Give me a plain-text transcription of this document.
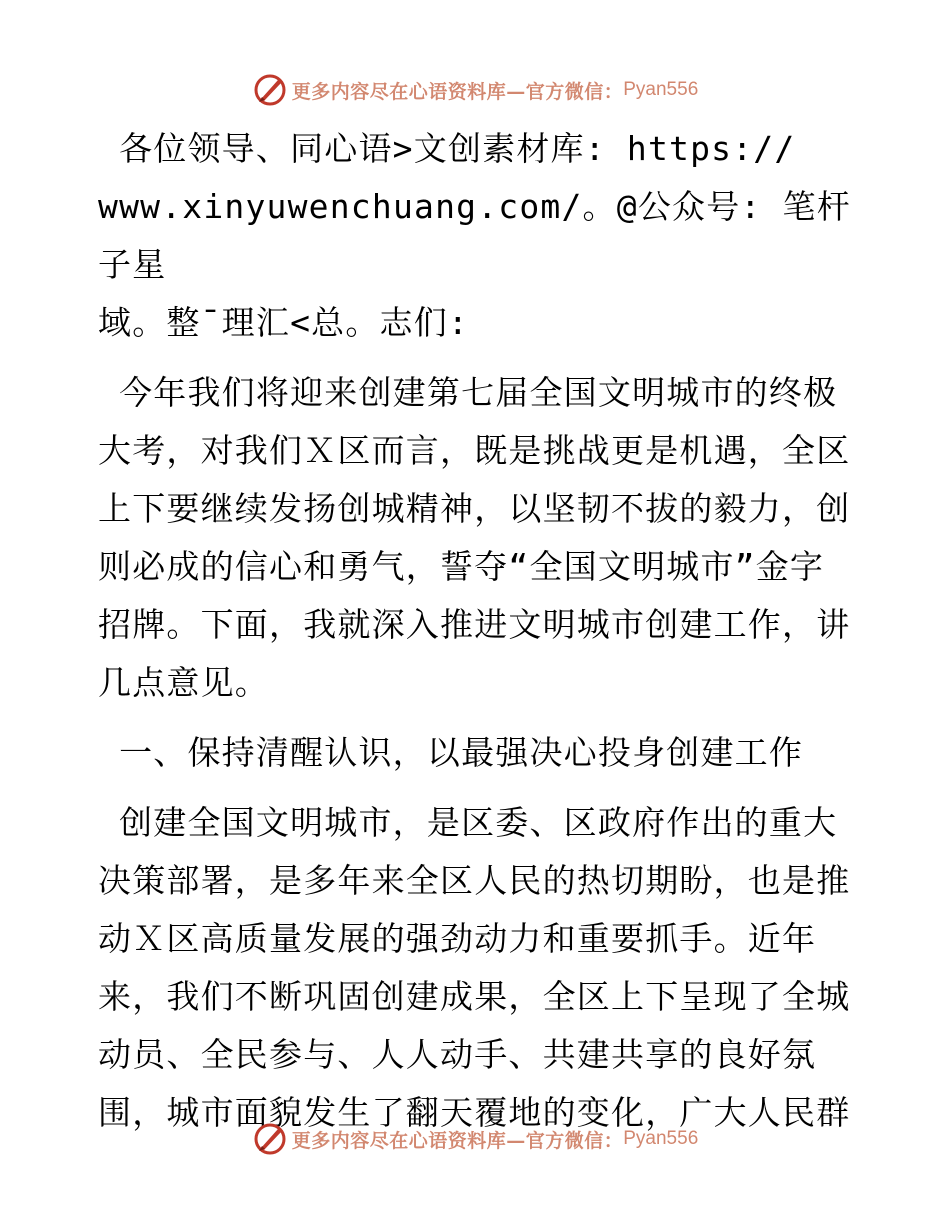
更多内容尽在心语资料库—官方微信： Pyan556

各位领导、同心语>文创素材库: https://
www.xinyuwenchuang.com/。@公众号: 笔杆子星
域。整¯理汇<总。志们:

今年我们将迎来创建第七届全国文明城市的终极
大考，对我们Ｘ区而言，既是挑战更是机遇，全区
上下要继续发扬创城精神，以坚韧不拔的毅力，创
则必成的信心和勇气，誓夺“全国文明城市”金字
招牌。下面，我就深入推进文明城市创建工作，讲
几点意见。

一、保持清醒认识，以最强决心投身创建工作

创建全国文明城市，是区委、区政府作出的重大
决策部署，是多年来全区人民的热切期盼，也是推
动Ｘ区高质量发展的强劲动力和重要抓手。近年
来，我们不断巩固创建成果，全区上下呈现了全城
动员、全民参与、人人动手、共建共享的良好氛
围，城市面貌发生了翻天覆地的变化，广大人民群

更多内容尽在心语资料库—官方微信： Pyan556
